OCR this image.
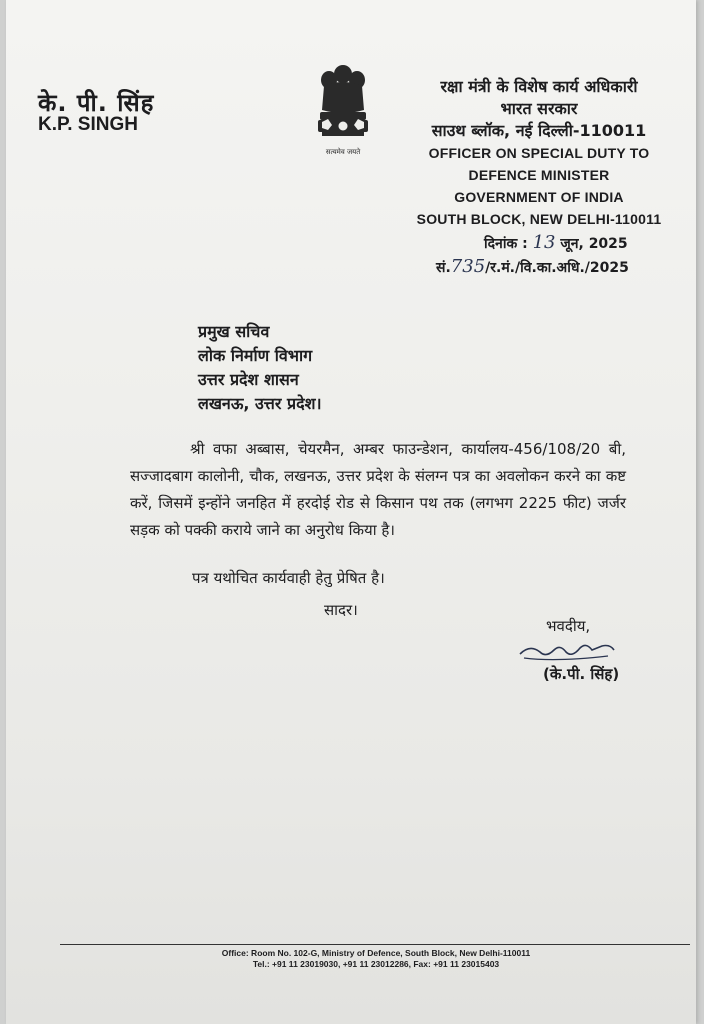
के. पी. सिंह
K.P. SINGH
सत्यमेव जयते
रक्षा मंत्री के विशेष कार्य अधिकारी
भारत सरकार
साउथ ब्लॉक, नई दिल्ली-110011
OFFICER ON SPECIAL DUTY TO
DEFENCE MINISTER
GOVERNMENT OF INDIA
SOUTH BLOCK, NEW DELHI-110011
दिनांक : 13 जून, 2025
सं.735/र.मं./वि.का.अधि./2025
प्रमुख सचिव
लोक निर्माण विभाग
उत्तर प्रदेश शासन
लखनऊ, उत्तर प्रदेश।
श्री वफा अब्बास, चेयरमैन, अम्बर फाउन्डेशन, कार्यालय-456/108/20 बी, सज्जादबाग कालोनी, चौक, लखनऊ, उत्तर प्रदेश के संलग्न पत्र का अवलोकन करने का कष्ट करें, जिसमें इन्होंने जनहित में हरदोई रोड से किसान पथ तक (लगभग 2225 फीट) जर्जर सड़क को पक्की कराये जाने का अनुरोध किया है।
पत्र यथोचित कार्यवाही हेतु प्रेषित है।
सादर।
भवदीय,
(के.पी. सिंह)
Office: Room No. 102-G, Ministry of Defence, South Block, New Delhi-110011
Tel.: +91 11 23019030, +91 11 23012286, Fax: +91 11 23015403
